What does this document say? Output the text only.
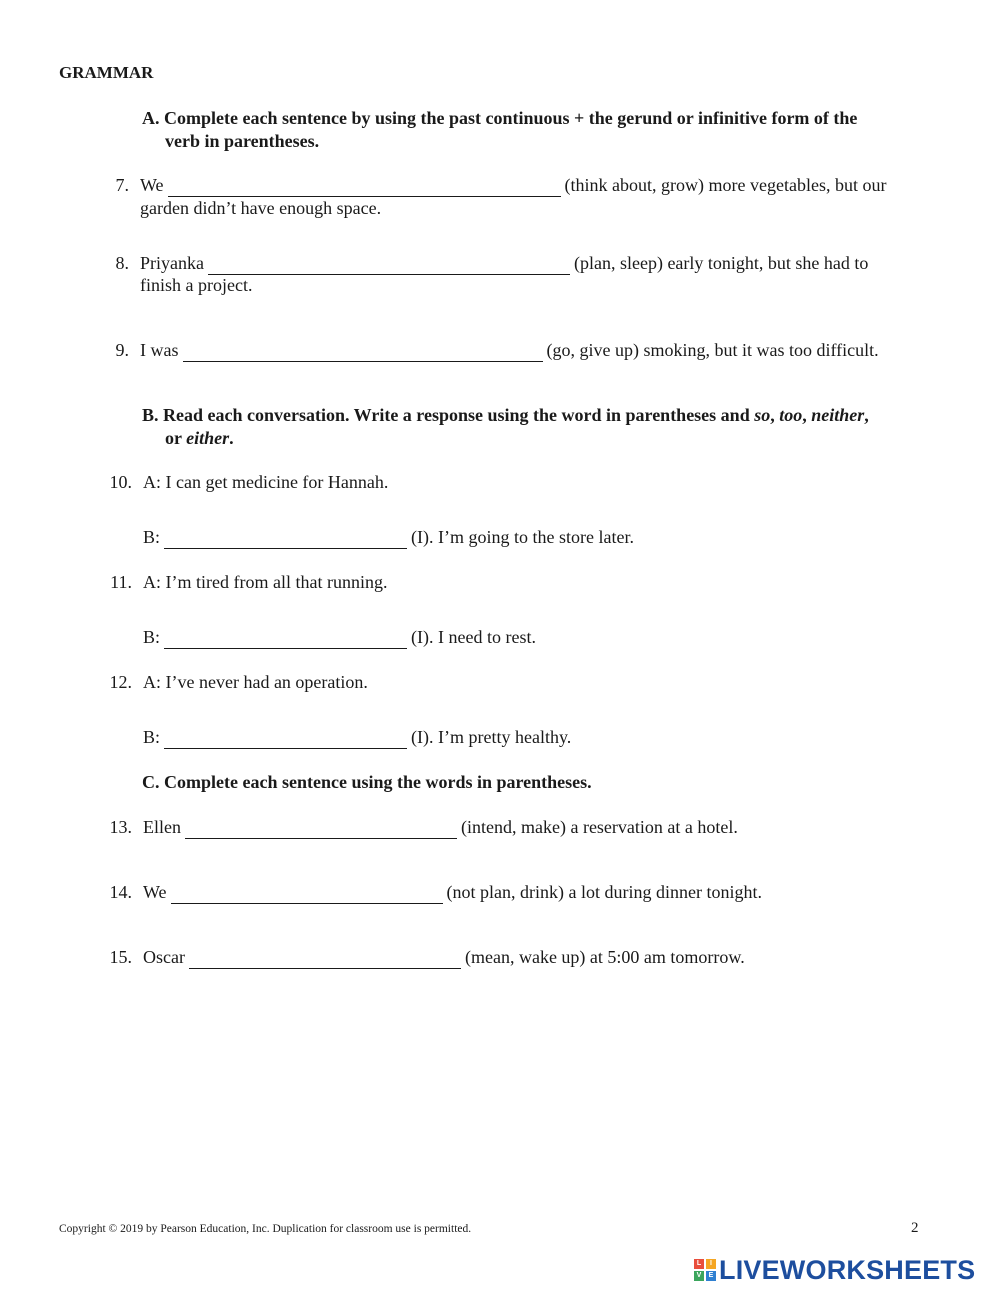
GRAMMAR
A. Complete each sentence by using the past continuous + the gerund or infinitive form of the
verb in parentheses.
7. We	(think about, grow) more vegetables, but our
garden didn’t have enough space.
8. Priyanka	(plan, sleep) early tonight, but she had to
finish a project.
9. I was	(go, give up) smoking, but it was too difficult.
B. Read each conversation. Write a response using the word in parentheses and so, too, neither,
or either.
10. A: I can get medicine for Hannah.
B:	(I). I’m going to the store later.
11. A: I’m tired from all that running.
B:	(I). I need to rest.
12. A: I’ve never had an operation.
B:	(I). I’m pretty healthy.
C. Complete each sentence using the words in parentheses.
13. Ellen	(intend, make) a reservation at a hotel.
14. We	(not plan, drink) a lot during dinner tonight.
15. Oscar	(mean, wake up) at 5:00 am tomorrow.
Copyright © 2019 by Pearson Education, Inc. Duplication for classroom use is permitted.	2
L	I
V	E LIVEWORKSHEETS
